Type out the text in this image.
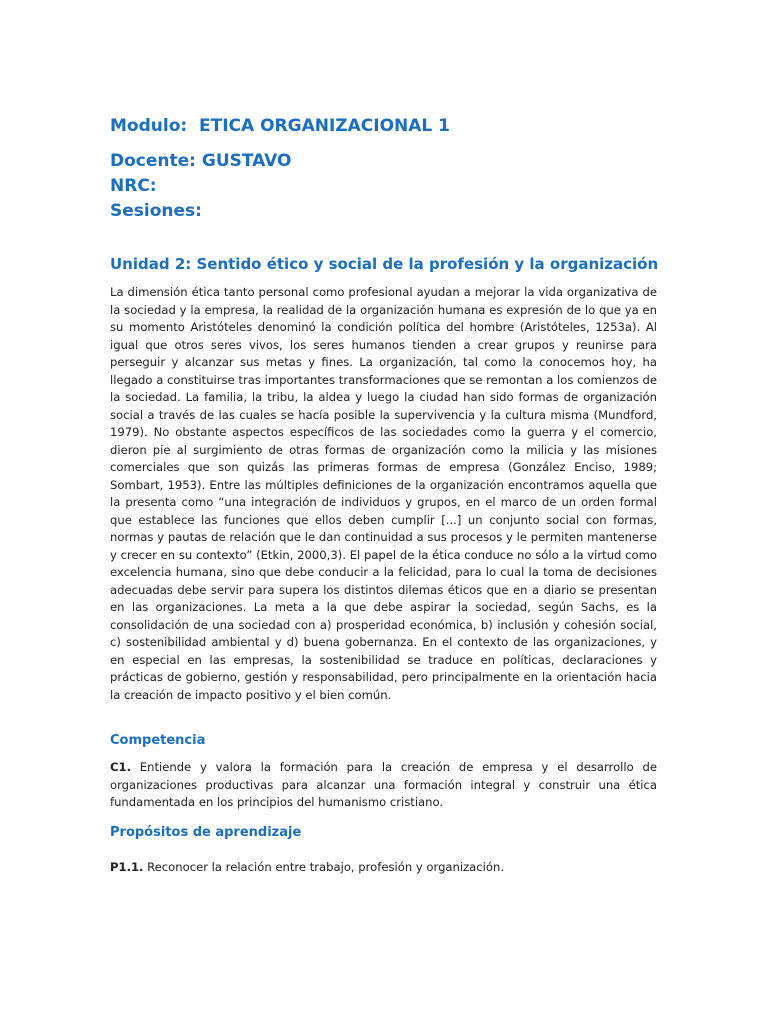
Modulo:  ETICA ORGANIZACIONAL 1
Docente: GUSTAVO
NRC:
Sesiones:
Unidad 2: Sentido ético y social de la profesión y la organización

La dimensión ética tanto personal como profesional ayudan a mejorar la vida organizativa de la sociedad y la empresa, la realidad de la organización humana es expresión de lo que ya en su momento Aristóteles denominó la condición política del hombre (Aristóteles, 1253a). Al igual que otros seres vivos, los seres humanos tienden a crear grupos y reunirse para perseguir y alcanzar sus metas y fines. La organización, tal como la conocemos hoy, ha llegado a constituirse tras importantes transformaciones que se remontan a los comienzos de la sociedad. La familia, la tribu, la aldea y luego la ciudad han sido formas de organización social a través de las cuales se hacía posible la supervivencia y la cultura misma (Mundford, 1979). No obstante aspectos específicos de las sociedades como la guerra y el comercio, dieron pie al surgimiento de otras formas de organización como la milicia y las misiones comerciales que son quizás las primeras formas de empresa (González Enciso, 1989; Sombart, 1953). Entre las múltiples definiciones de la organización encontramos aquella que la presenta como “una integración de individuos y grupos, en el marco de un orden formal que establece las funciones que ellos deben cumplir [...] un conjunto social con formas, normas y pautas de relación que le dan continuidad a sus procesos y le permiten mantenerse y crecer en su contexto” (Etkin, 2000,3). El papel de la ética conduce no sólo a la virtud como excelencia humana, sino que debe conducir a la felicidad, para lo cual la toma de decisiones adecuadas debe servir para supera los distintos dilemas éticos que en a diario se presentan en las organizaciones. La meta a la que debe aspirar la sociedad, según Sachs, es la consolidación de una sociedad con a) prosperidad económica, b) inclusión y cohesión social, c) sostenibilidad ambiental y d) buena gobernanza. En el contexto de las organizaciones, y en especial en las empresas, la sostenibilidad se traduce en políticas, declaraciones y prácticas de gobierno, gestión y responsabilidad, pero principalmente en la orientación hacia la creación de impacto positivo y el bien común.

Competencia

C1. Entiende y valora la formación para la creación de empresa y el desarrollo de organizaciones productivas para alcanzar una formación integral y construir una ética fundamentada en los principios del humanismo cristiano.

Propósitos de aprendizaje

P1.1. Reconocer la relación entre trabajo, profesión y organización.
